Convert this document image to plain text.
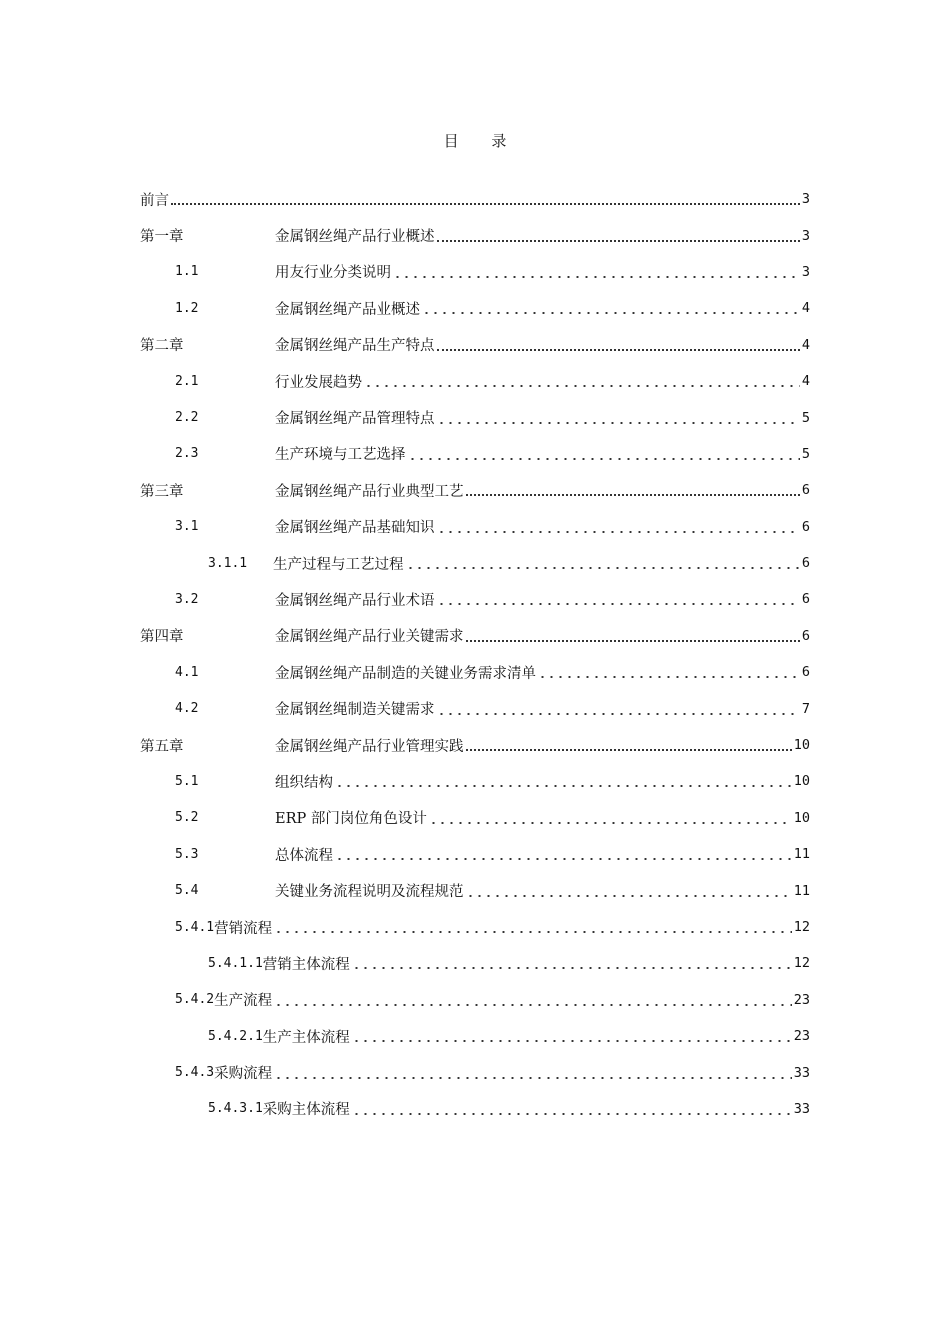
目 录
前言	3
第一章	金属钢丝绳产品行业概述	3
1.1	用友行业分类说明	3
1.2	金属钢丝绳产品业概述	4
第二章	金属钢丝绳产品生产特点	4
2.1	行业发展趋势	4
2.2	金属钢丝绳产品管理特点	5
2.3	生产环境与工艺选择	5
第三章	金属钢丝绳产品行业典型工艺	6
3.1	金属钢丝绳产品基础知识	6
3.1.1	生产过程与工艺过程	6
3.2	金属钢丝绳产品行业术语	6
第四章	金属钢丝绳产品行业关键需求	6
4.1	金属钢丝绳产品制造的关键业务需求清单	6
4.2	金属钢丝绳制造关键需求	7
第五章	金属钢丝绳产品行业管理实践	10
5.1	组织结构	10
5.2	ERP 部门岗位角色设计	10
5.3	总体流程	11
5.4	关键业务流程说明及流程规范	11
5.4.1 营销流程	12
5.4.1.1 营销主体流程	12
5.4.2 生产流程	23
5.4.2.1 生产主体流程	23
5.4.3 采购流程	33
5.4.3.1 采购主体流程	33
